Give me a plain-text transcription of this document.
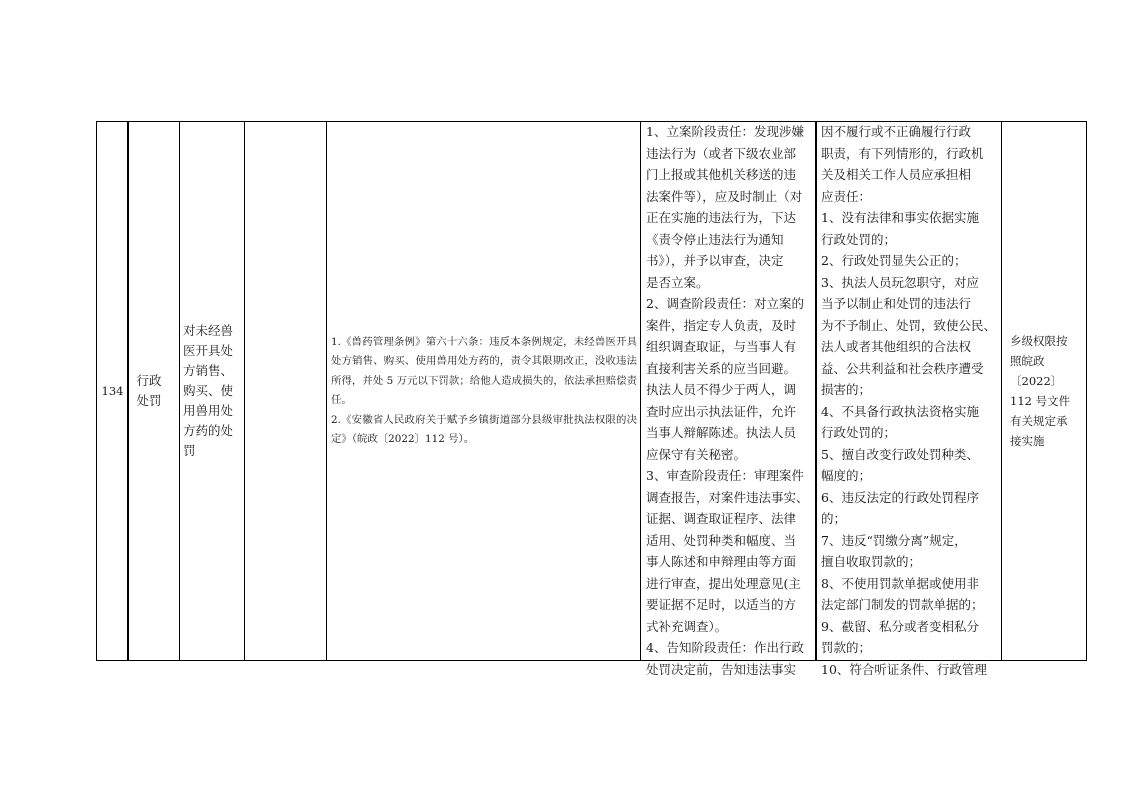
134
行政处罚
对未经兽医开具处方销售、购买、使用兽用处方药的处罚

1.《兽药管理条例》第六十六条：违反本条例规定，未经兽医开具处方销售、购买、使用兽用处方药的，责令其限期改正，没收违法所得，并处 5 万元以下罚款；给他人造成损失的，依法承担赔偿责任。

2.《安徽省人民政府关于赋予乡镇街道部分县级审批执法权限的决定》（皖政〔2022〕112 号）。

1、立案阶段责任：发现涉嫌
违法行为（或者下级农业部
门上报或其他机关移送的违
法案件等），应及时制止（对
正在实施的违法行为，下达
《责令停止违法行为通知
书》），并予以审查，决定
是否立案。
2、调查阶段责任：对立案的
案件，指定专人负责，及时
组织调查取证，与当事人有
直接利害关系的应当回避。
执法人员不得少于两人，调
查时应出示执法证件，允许
当事人辩解陈述。执法人员
应保守有关秘密。
3、审查阶段责任：审理案件
调查报告，对案件违法事实、
证据、调查取证程序、法律
适用、处罚种类和幅度、当
事人陈述和申辩理由等方面
进行审查，提出处理意见(主
要证据不足时，以适当的方
式补充调查）。
4、告知阶段责任：作出行政
处罚决定前，告知违法事实
因不履行或不正确履行行政
职责，有下列情形的，行政机
关及相关工作人员应承担相
应责任：
1、没有法律和事实依据实施
行政处罚的；
2、行政处罚显失公正的；
3、执法人员玩忽职守，对应
当予以制止和处罚的违法行
为不予制止、处罚，致使公民、
法人或者其他组织的合法权
益、公共利益和社会秩序遭受
损害的；
4、不具备行政执法资格实施
行政处罚的；
5、擅自改变行政处罚种类、
幅度的；
6、违反法定的行政处罚程序
的；
7、违反“罚缴分离”规定，
擅自收取罚款的；
8、不使用罚款单据或使用非
法定部门制发的罚款单据的；
9、截留、私分或者变相私分
罚款的；
10、符合听证条件、行政管理
乡级权限按照皖政〔2022〕112 号文件有关规定承接实施
